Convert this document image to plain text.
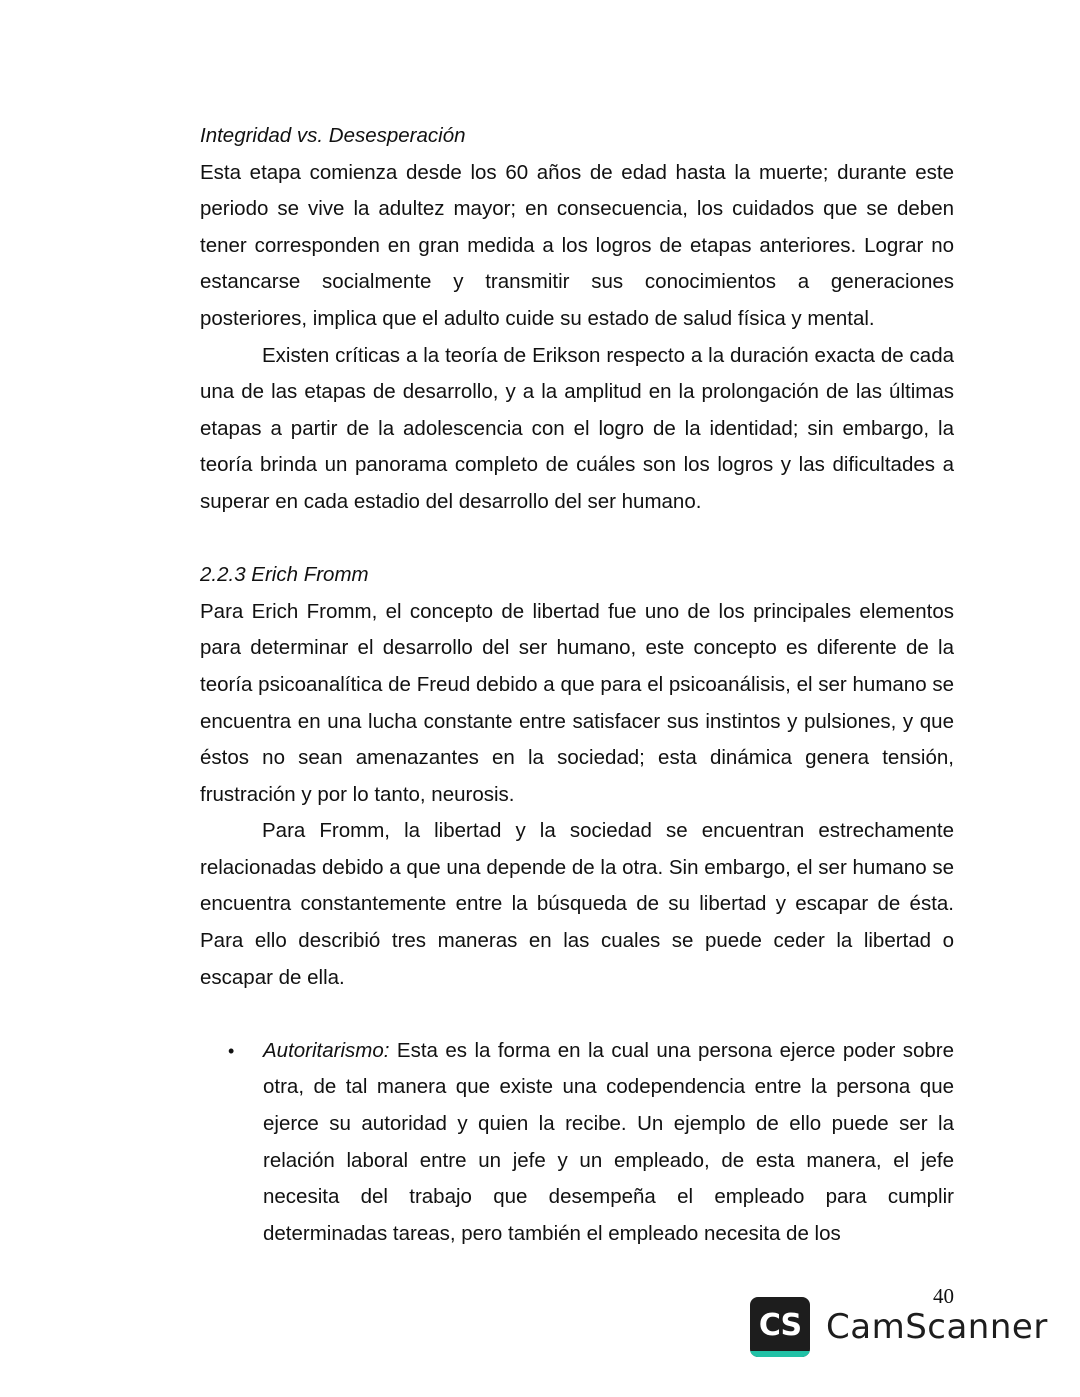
Integridad vs. Desesperación

Esta etapa comienza desde los 60 años de edad hasta la muerte; durante este periodo se vive la adultez mayor; en consecuencia, los cuidados que se deben tener corresponden en gran medida a los logros de etapas anteriores. Lograr no estancarse socialmente y transmitir sus conocimientos a generaciones posteriores, implica que el adulto cuide su estado de salud física y mental.

Existen críticas a la teoría de Erikson respecto a la duración exacta de cada una de las etapas de desarrollo, y a la amplitud en la prolongación de las últimas etapas a partir de la adolescencia con el logro de la identidad; sin embargo, la teoría brinda un panorama completo de cuáles son los logros y las dificultades a superar en cada estadio del desarrollo del ser humano.

2.2.3 Erich Fromm

Para Erich Fromm, el concepto de libertad fue uno de los principales elementos para determinar el desarrollo del ser humano, este concepto es diferente de la teoría psicoanalítica de Freud debido a que para el psicoanálisis, el ser humano se encuentra en una lucha constante entre satisfacer sus instintos y pulsiones, y que éstos no sean amenazantes en la sociedad; esta dinámica genera tensión, frustración y por lo tanto, neurosis.

Para Fromm, la libertad y la sociedad se encuentran estrechamente relacionadas debido a que una depende de la otra. Sin embargo, el ser humano se encuentra constantemente entre la búsqueda de su libertad y escapar de ésta. Para ello describió tres maneras en las cuales se puede ceder la libertad o escapar de ella.

• Autoritarismo: Esta es la forma en la cual una persona ejerce poder sobre otra, de tal manera que existe una codependencia entre la persona que ejerce su autoridad y quien la recibe. Un ejemplo de ello puede ser la relación laboral entre un jefe y un empleado, de esta manera, el jefe necesita del trabajo que desempeña el empleado para cumplir determinadas tareas, pero también el empleado necesita de los
40
CS CamScanner
